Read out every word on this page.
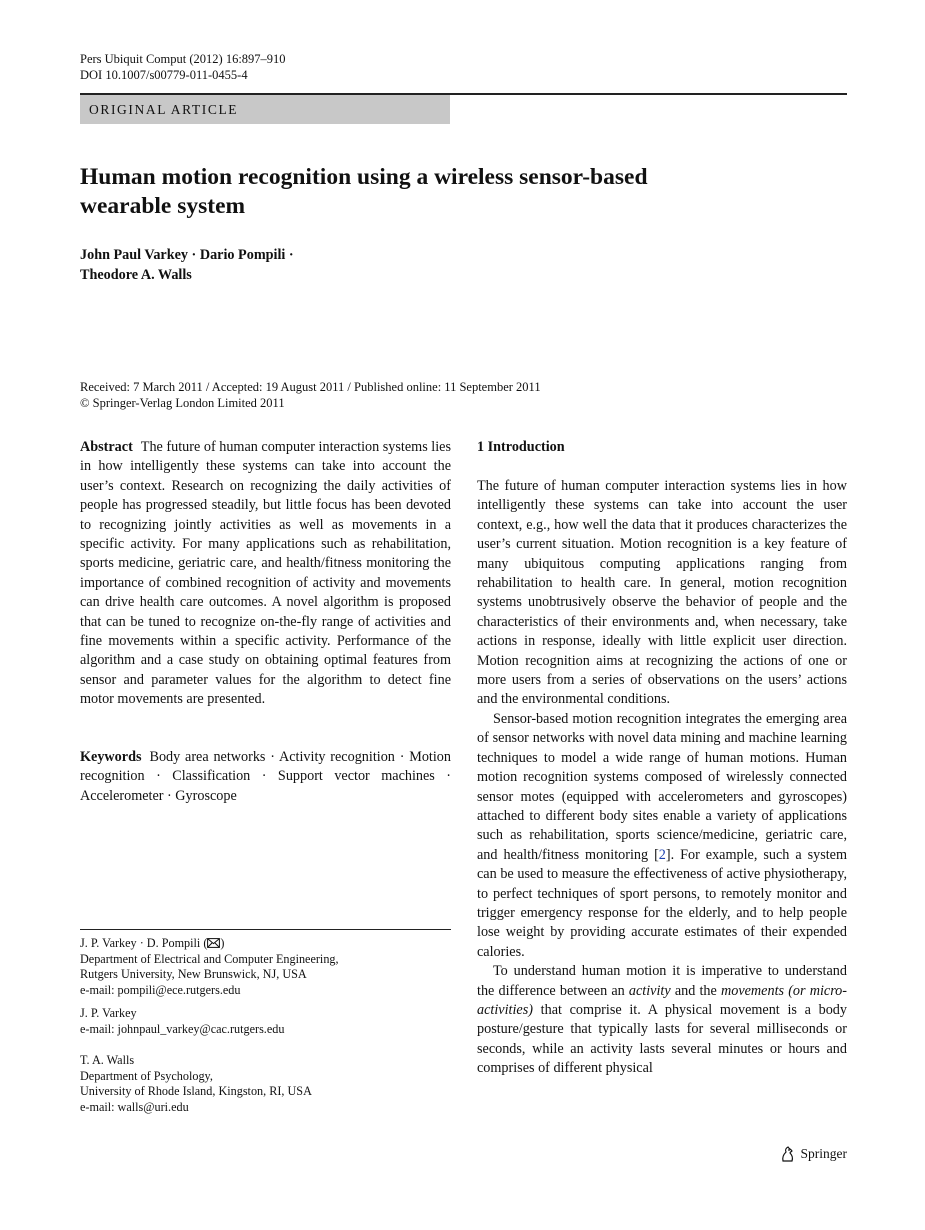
Pers Ubiquit Comput (2012) 16:897–910
DOI 10.1007/s00779-011-0455-4
ORIGINAL ARTICLE
Human motion recognition using a wireless sensor-based
wearable system
John Paul Varkey · Dario Pompili ·
Theodore A. Walls
Received: 7 March 2011 / Accepted: 19 August 2011 / Published online: 11 September 2011
© Springer-Verlag London Limited 2011
Abstract The future of human computer interaction systems lies in how intelligently these systems can take into account the user’s context. Research on recognizing the daily activities of people has progressed steadily, but little focus has been devoted to recognizing jointly activities as well as movements in a specific activity. For many applications such as rehabilitation, sports medicine, geriatric care, and health/fitness monitoring the importance of combined recognition of activity and movements can drive health care outcomes. A novel algorithm is proposed that can be tuned to recognize on-the-fly range of activities and fine movements within a specific activity. Performance of the algorithm and a case study on obtaining optimal features from sensor and parameter values for the algorithm to detect fine motor movements are presented.
Keywords Body area networks · Activity recognition · Motion recognition · Classification · Support vector machines · Accelerometer · Gyroscope
J. P. Varkey · D. Pompili ( )
Department of Electrical and Computer Engineering,
Rutgers University, New Brunswick, NJ, USA
e-mail: pompili@ece.rutgers.edu
J. P. Varkey
e-mail: johnpaul_varkey@cac.rutgers.edu
T. A. Walls
Department of Psychology,
University of Rhode Island, Kingston, RI, USA
e-mail: walls@uri.edu
1 Introduction
The future of human computer interaction systems lies in how intelligently these systems can take into account the user context, e.g., how well the data that it produces characterizes the user’s current situation. Motion recognition is a key feature of many ubiquitous computing applications ranging from rehabilitation to health care. In general, motion recognition systems unobtrusively observe the behavior of people and the characteristics of their environments and, when necessary, take actions in response, ideally with little explicit user direction. Motion recognition aims at recognizing the actions of one or more users from a series of observations on the users’ actions and the environmental conditions.
Sensor-based motion recognition integrates the emerging area of sensor networks with novel data mining and machine learning techniques to model a wide range of human motions. Human motion recognition systems composed of wirelessly connected sensor motes (equipped with accelerometers and gyroscopes) attached to different body sites enable a variety of applications such as rehabilitation, sports science/medicine, geriatric care, and health/fitness monitoring [2]. For example, such a system can be used to measure the effectiveness of active physiotherapy, to perfect techniques of sport persons, to remotely monitor and trigger emergency response for the elderly, and to help people lose weight by providing accurate estimates of their expended calories.
To understand human motion it is imperative to understand the difference between an activity and the movements (or micro-activities) that comprise it. A physical movement is a body posture/gesture that typically lasts for several milliseconds or seconds, while an activity lasts several minutes or hours and comprises of different physical
Springer
